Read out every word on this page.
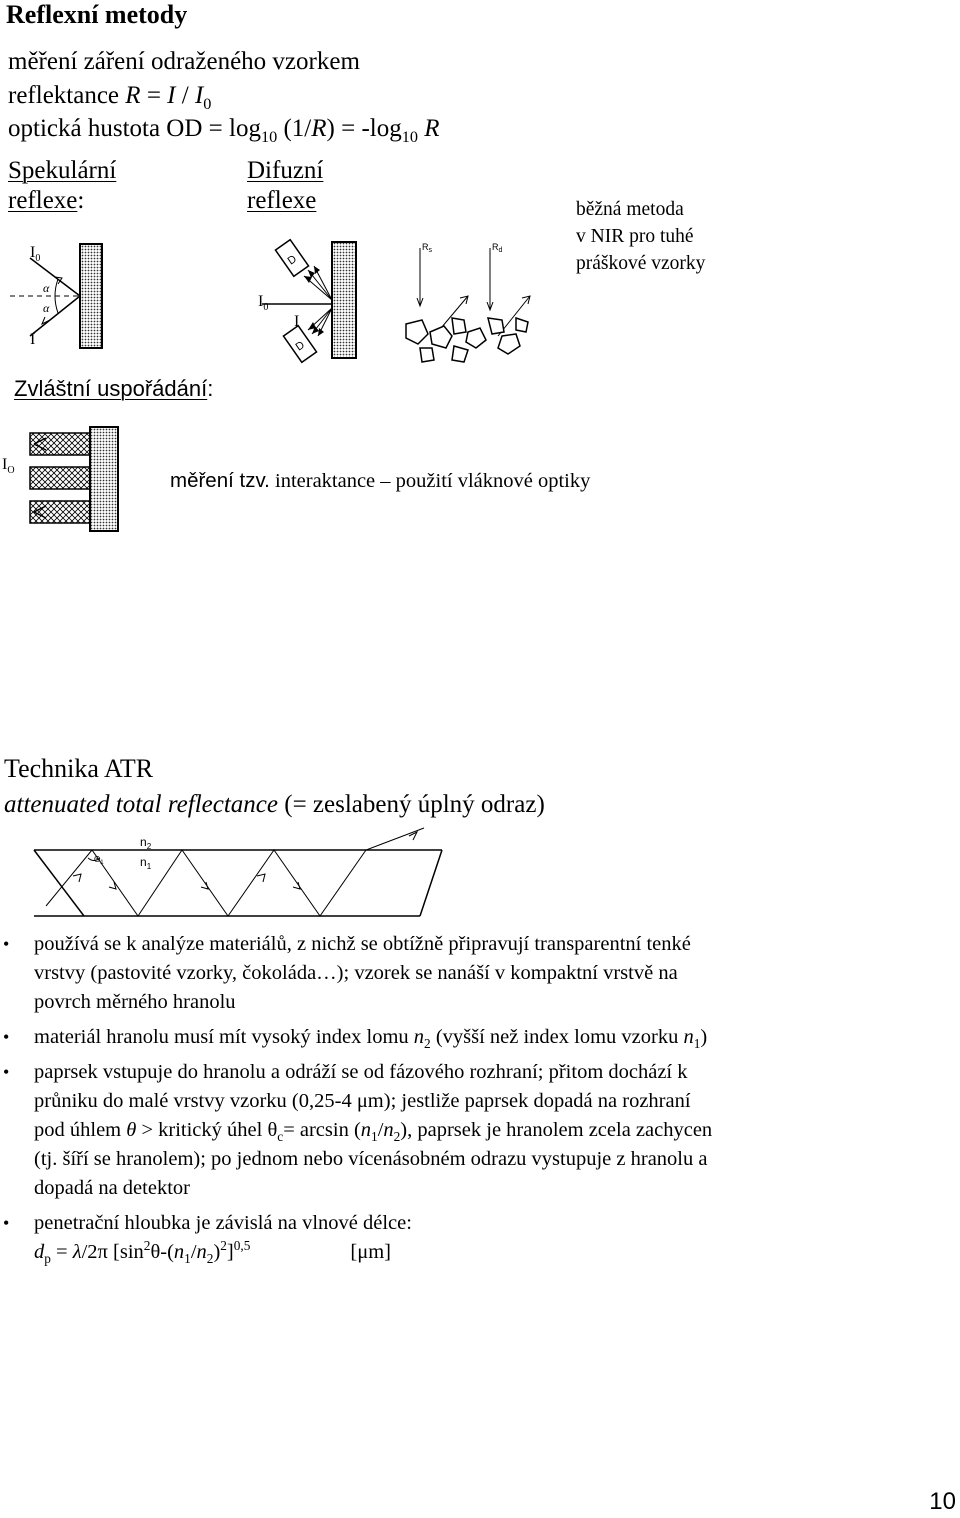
Reflexní metody
měření záření odraženého vzorkem
reflektance $R = I / I_0$
optická hustota OD = $\log_{10} (1/R) = -\log_{10}$ R
Spekulární
reflexe:
Difuzní
reflexe	běžná metoda
v NIR pro tuhé
práškové vzorky
$I_0$
α
α
I
D
D
$I_0$
I
$R_s$	$R_d$
Zvláštní uspořádání:
$I_O$	měření tzv. interaktance – použití vláknové optiky
Technika ATR
attenuated total reflectance (= zeslabený úplný odraz)
$n_2$
$n_1$
$\Theta_1$
• používá se k analýze materiálů, z nichž se obtížně připravují transparentní tenké vrstvy (pastovité vzorky, čokoláda…); vzorek se nanáší v kompaktní vrstvě na povrch měrného hranolu
• materiál hranolu musí mít vysoký index lomu $n_2$ (vyšší než index lomu vzorku $n_1$)
• paprsek vstupuje do hranolu a odráží se od fázového rozhraní; přitom dochází k průniku do malé vrstvy vzorku (0,25-4 μm); jestliže paprsek dopadá na rozhraní pod úhlem θ > kritický úhel $\theta_c= \arcsin (n_1/n_2)$, paprsek je hranolem zcela zachycen (tj. šíří se hranolem); po jednom nebo vícenásobném odrazu vystupuje z hranolu a dopadá na detektor
• penetrační hloubka je závislá na vlnové délce:
$d_p = \lambda/2\pi$ $[\sin^2\theta-(n_1/n_2)^2]^{0,5}$	[μm]
10
